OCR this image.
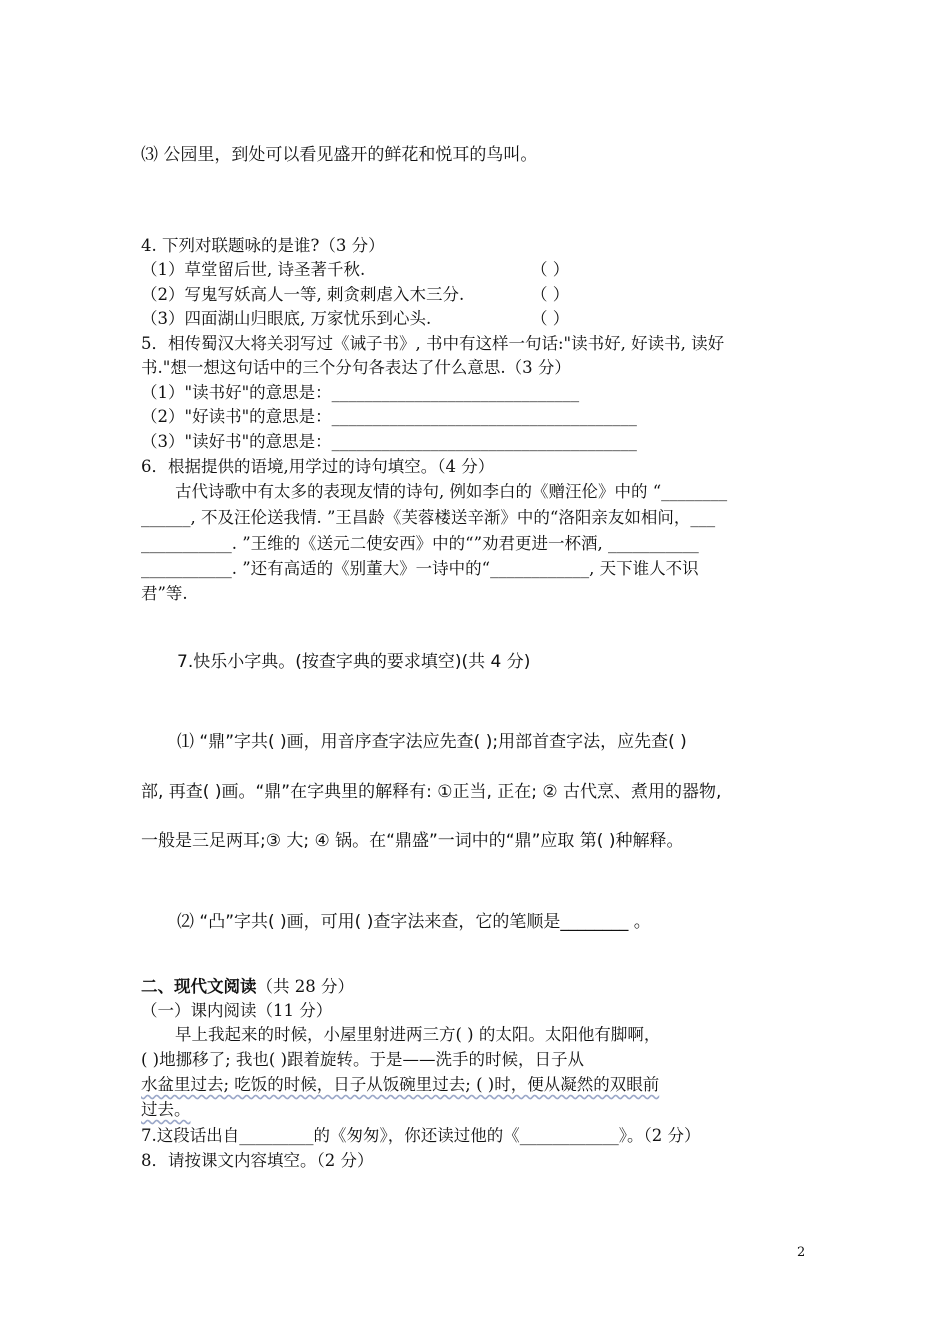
⑶ 公园里，到处可以看见盛开的鲜花和悦耳的鸟叫。
4. 下列对联题咏的是谁?（3 分）
（1）草堂留后世, 诗圣著千秋.	（ ）
（2）写鬼写妖高人一等, 刺贪刺虐入木三分.	（ ）
（3）四面湖山归眼底, 万家忧乐到心头.	（ ）
5．相传蜀汉大将关羽写过《诫子书》, 书中有这样一句话:"读书好, 好读书, 读好
书."想一想这句话中的三个分句各表达了什么意思.（3 分）
（1）"读书好"的意思是：______________________________
（2）"好读书"的意思是：_____________________________________
（3）"读好书"的意思是：_____________________________________
6．根据提供的语境,用学过的诗句填空。（4 分）
古代诗歌中有太多的表现友情的诗句, 例如李白的《赠汪伦》中的 “________
______, 不及汪伦送我情. ”王昌龄《芙蓉楼送辛渐》中的“洛阳亲友如相问，___
___________. ”王维的《送元二使安西》中的“”劝君更进一杯酒, ___________
___________. ”还有高适的《别董大》一诗中的“____________, 天下谁人不识
君”等.
7.快乐小字典。(按查字典的要求填空)(共 4 分)
⑴ “鼎”字共( )画，用音序查字法应先查( );用部首查字法，应先查( )
部, 再查( )画。“鼎”在字典里的解释有: ①正当, 正在; ② 古代烹、煮用的器物,
一般是三足两耳;③ 大; ④ 锅。在“鼎盛”一词中的“鼎”应取 第( )种解释。
⑵ “凸”字共( )画，可用( )查字法来查，它的笔顺是________ 。
二、现代文阅读（共 28 分）
（一）课内阅读（11 分）
早上我起来的时候，小屋里射进两三方( ) 的太阳。太阳他有脚啊，
( )地挪移了; 我也( )跟着旋转。于是——洗手的时候，日子从
水盆里过去; 吃饭的时候，日子从饭碗里过去; ( )时，便从凝然的双眼前
过去。
7.这段话出自_________的《匆匆》，你还读过他的《____________》。（2 分）
8．请按课文内容填空。（2 分）
2
